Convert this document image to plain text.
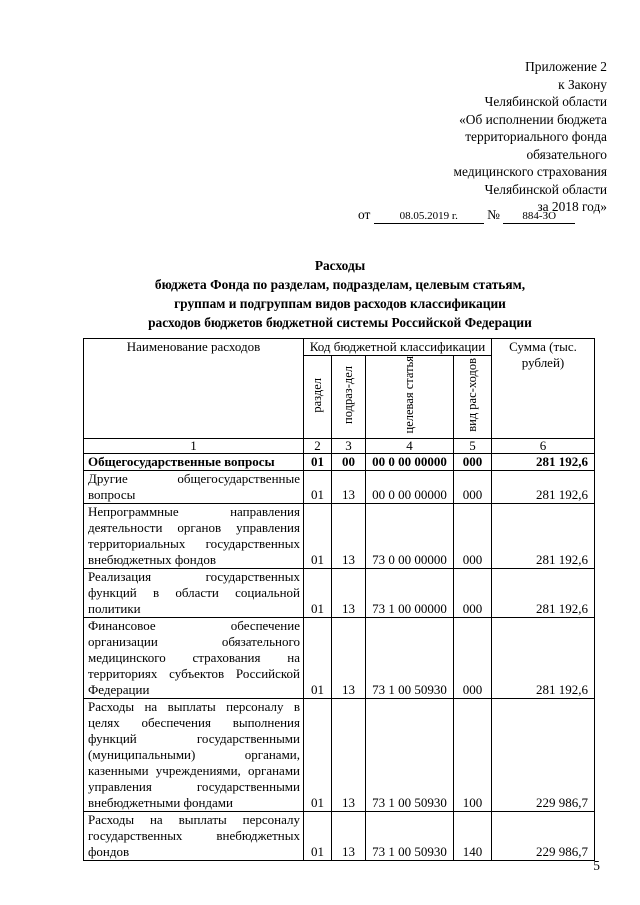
Приложение 2
к Закону
Челябинской области
«Об исполнении бюджета
территориального фонда
обязательного
медицинского страхования
Челябинской области
за 2018 год»
от	08.05.2019 г. № 884-ЗО
Расходы
бюджета Фонда по разделам, подразделам, целевым статьям,
группам и подгруппам видов расходов классификации
расходов бюджетов бюджетной системы Российской Федерации
Наименование расходов	Код бюджетной классификации				Сумма (тыс. рублей)
	раздел	подраз-дел	целевая статья	вид рас-ходов	
1	2	3	4	5	6
Общегосударственные вопросы	01	00	00 0 00 00000	000	281 192,6
Другие общегосударственные вопросы	01	13	00 0 00 00000	000	281 192,6
Непрограммные направления деятельности органов управления территориальных государственных внебюджетных фондов	01	13	73 0 00 00000	000	281 192,6
Реализация государственных функций в области социальной политики	01	13	73 1 00 00000	000	281 192,6
Финансовое обеспечение организации обязательного медицинского страхования на территориях субъектов Российской Федерации	01	13	73 1 00 50930	000	281 192,6
Расходы на выплаты персоналу в целях обеспечения выполнения функций государственными (муниципальными) органами, казенными учреждениями, органами управления государственными внебюджетными фондами	01	13	73 1 00 50930	100	229 986,7
Расходы на выплаты персоналу государственных внебюджетных фондов	01	13	73 1 00 50930	140	229 986,7
5
